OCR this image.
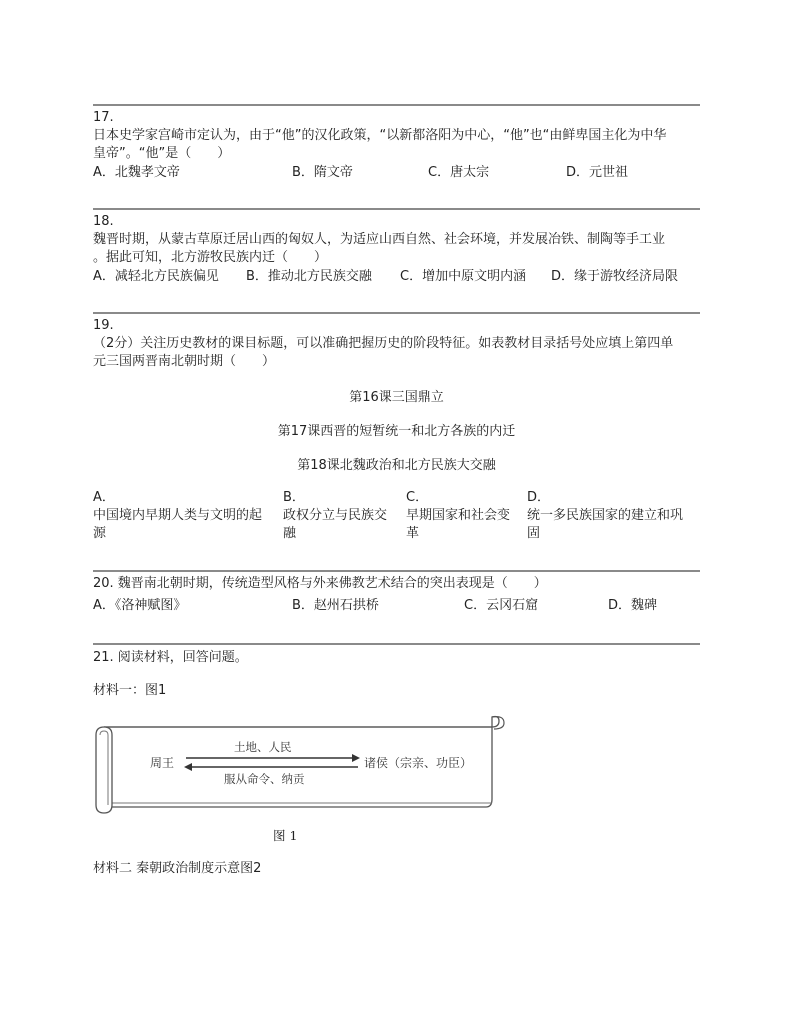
17.
日本史学家宫崎市定认为，由于“他”的汉化政策，“以新都洛阳为中心，“他”也“由鲜卑国主化为中华
皇帝”。“他”是（　　）
A．北魏孝文帝	B．隋文帝	C．唐太宗	D．元世祖
18.
魏晋时期，从蒙古草原迁居山西的匈奴人，为适应山西自然、社会环境，并发展冶铁、制陶等手工业
。据此可知，北方游牧民族内迁（　　）
A．减轻北方民族偏见 B．推动北方民族交融 C．增加中原文明内涵 D．缘于游牧经济局限
19.
（2分）关注历史教材的课目标题，可以准确把握历史的阶段特征。如表教材目录括号处应填上第四单
元三国两晋南北朝时期（　　）
第16课三国鼎立
第17课西晋的短暂统一和北方各族的内迁
第18课北魏政治和北方民族大交融
A．
中国境内早期人类与文明的起
源
B．
政权分立与民族交
融
C．
早期国家和社会变
革
D．
统一多民族国家的建立和巩
固
20. 魏晋南北朝时期，传统造型风格与外来佛教艺术结合的突出表现是（　　）
A．《洛神赋图》	B．赵州石拱桥	C．云冈石窟	D．魏碑
21. 阅读材料，回答问题。
材料一：图1
周王
土地、人民
服从命令、纳贡
诸侯（宗亲、功臣）
图 1
材料二 秦朝政治制度示意图2
